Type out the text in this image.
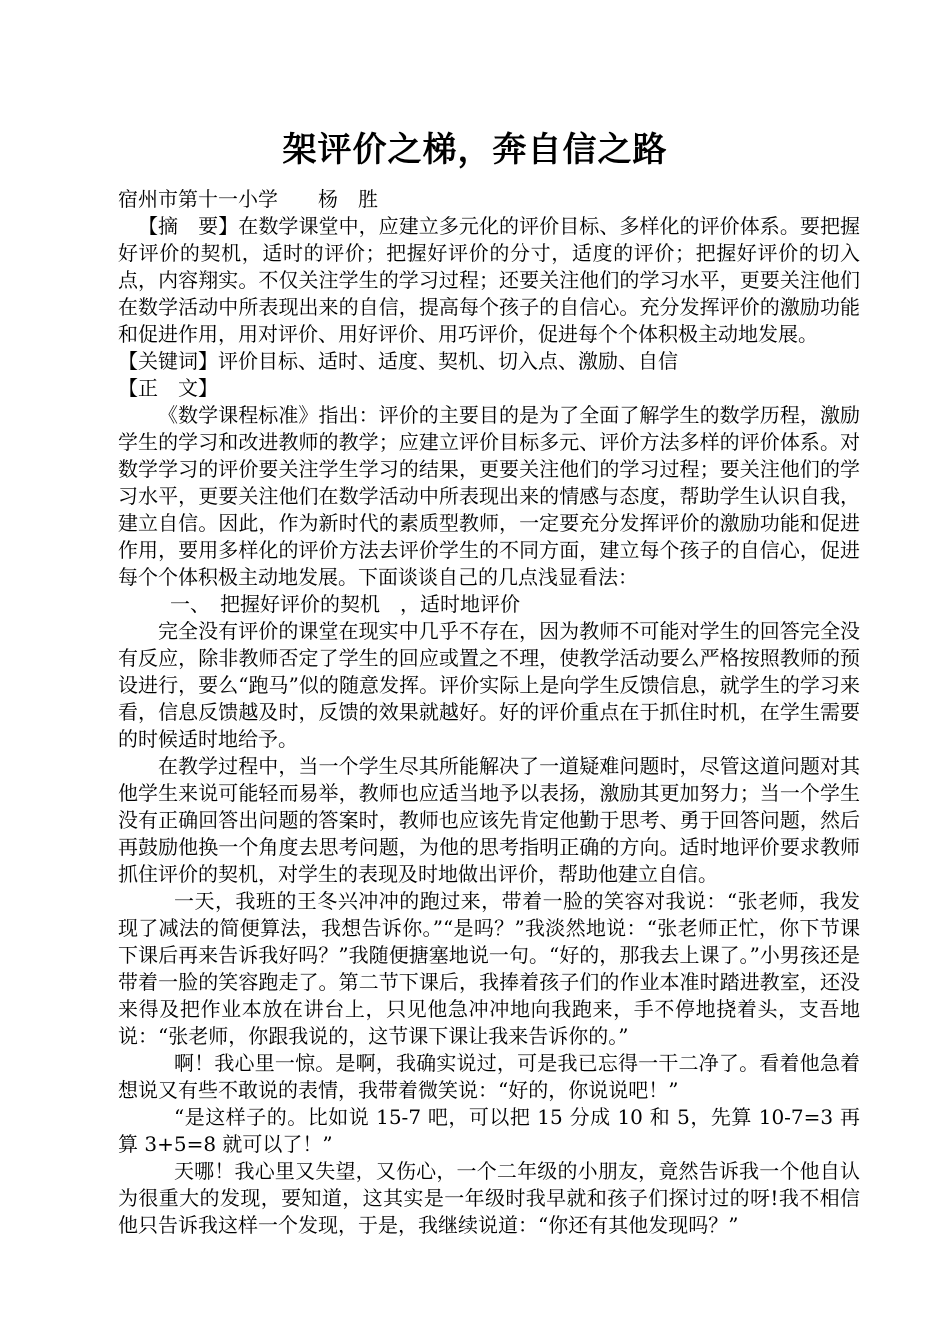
架评价之梯，奔自信之路

宿州市第十一小学　　杨　胜

【摘　要】在数学课堂中，应建立多元化的评价目标、多样化的评价体系。要把握好评价的契机，适时的评价；把握好评价的分寸，适度的评价；把握好评价的切入点，内容翔实。不仅关注学生的学习过程；还要关注他们的学习水平，更要关注他们在数学活动中所表现出来的自信，提高每个孩子的自信心。充分发挥评价的激励功能和促进作用，用对评价、用好评价、用巧评价，促进每个个体积极主动地发展。

【关键词】评价目标、适时、适度、契机、切入点、激励、自信

【正　文】

《数学课程标准》指出：评价的主要目的是为了全面了解学生的数学历程，激励学生的学习和改进教师的教学；应建立评价目标多元、评价方法多样的评价体系。对数学学习的评价要关注学生学习的结果，更要关注他们的学习过程；要关注他们的学习水平，更要关注他们在数学活动中所表现出来的情感与态度，帮助学生认识自我，建立自信。因此，作为新时代的素质型教师，一定要充分发挥评价的激励功能和促进作用，要用多样化的评价方法去评价学生的不同方面，建立每个孩子的自信心，促进每个个体积极主动地发展。下面谈谈自己的几点浅显看法：

一、　把握好评价的契机　，适时地评价

完全没有评价的课堂在现实中几乎不存在，因为教师不可能对学生的回答完全没有反应，除非教师否定了学生的回应或置之不理，使教学活动要么严格按照教师的预设进行，要么“跑马”似的随意发挥。评价实际上是向学生反馈信息，就学生的学习来看，信息反馈越及时，反馈的效果就越好。好的评价重点在于抓住时机，在学生需要的时候适时地给予。

在教学过程中，当一个学生尽其所能解决了一道疑难问题时，尽管这道问题对其他学生来说可能轻而易举，教师也应适当地予以表扬，激励其更加努力；当一个学生没有正确回答出问题的答案时，教师也应该先肯定他勤于思考、勇于回答问题，然后再鼓励他换一个角度去思考问题，为他的思考指明正确的方向。适时地评价要求教师抓住评价的契机，对学生的表现及时地做出评价，帮助他建立自信。

一天，我班的王冬兴冲冲的跑过来，带着一脸的笑容对我说：“张老师，我发现了减法的简便算法，我想告诉你。”“是吗？”我淡然地说：“张老师正忙，你下节课下课后再来告诉我好吗？”我随便搪塞地说一句。“好的，那我去上课了。”小男孩还是带着一脸的笑容跑走了。第二节下课后，我捧着孩子们的作业本准时踏进教室，还没来得及把作业本放在讲台上，只见他急冲冲地向我跑来，手不停地挠着头，支吾地说：“张老师，你跟我说的，这节课下课让我来告诉你的。”

啊！我心里一惊。是啊，我确实说过，可是我已忘得一干二净了。看着他急着想说又有些不敢说的表情，我带着微笑说：“好的，你说说吧！”

“是这样子的。比如说 15-7 吧，可以把 15 分成 10 和 5，先算 10-7=3 再算 3+5=8 就可以了！”

天哪！我心里又失望，又伤心，一个二年级的小朋友，竟然告诉我一个他自认为很重大的发现，要知道，这其实是一年级时我早就和孩子们探讨过的呀!我不相信他只告诉我这样一个发现，于是，我继续说道：“你还有其他发现吗？”
